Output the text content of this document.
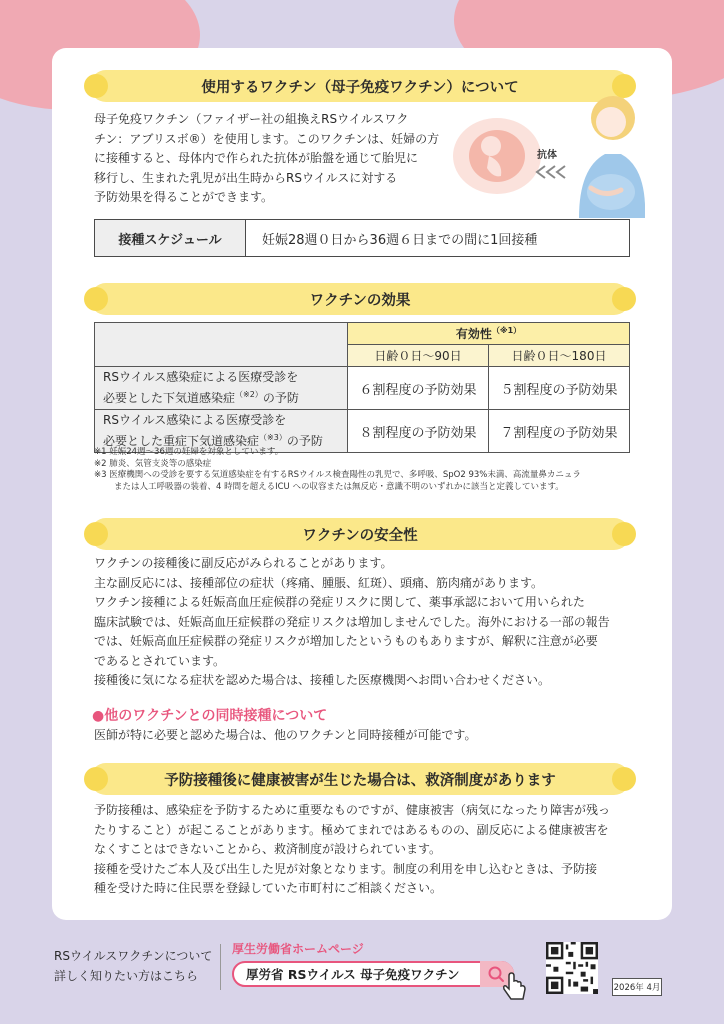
使用するワクチン（母子免疫ワクチン）について
母子免疫ワクチン（ファイザー社の組換えRSウイルスワク
チン：アブリスボ®）を使用します。このワクチンは、妊婦の方
に接種すると、母体内で作られた抗体が胎盤を通じて胎児に
移行し、生まれた乳児が出生時からRSウイルスに対する
予防効果を得ることができます。
抗体
接種スケジュール	妊娠28週０日から36週６日までの間に1回接種
ワクチンの効果
	有効性$^{(※1)}$
	日齢０日〜90日	日齢０日〜180日

RSウイルス感染症による医療受診を
必要とした下気道感染症$^{(※2)}$の予防	６割程度の予防効果	５割程度の予防効果

RSウイルス感染による医療受診を
必要とした重症下気道感染症$^{(※3)}$の予防	８割程度の予防効果	７割程度の予防効果
※1 妊娠24週〜36週の妊婦を対象としています。
※2 肺炎、気管支炎等の感染症
※3 医療機関への受診を要する気道感染症を有するRSウイルス検査陽性の乳児で、多呼吸、SpO2 93%未満、高流量鼻カニュラ
または人工呼吸器の装着、4 時間を超えるICU への収容または無反応・意識不明のいずれかに該当と定義しています。
ワクチンの安全性
ワクチンの接種後に副反応がみられることがあります。
主な副反応には、接種部位の症状（疼痛、腫脹、紅斑）、頭痛、筋肉痛があります。
ワクチン接種による妊娠高血圧症候群の発症リスクに関して、薬事承認において用いられた
臨床試験では、妊娠高血圧症候群の発症リスクは増加しませんでした。海外における一部の報告
では、妊娠高血圧症候群の発症リスクが増加したというものもありますが、解釈に注意が必要
であるとされています。
接種後に気になる症状を認めた場合は、接種した医療機関へお問い合わせください。
●他のワクチンとの同時接種について
医師が特に必要と認めた場合は、他のワクチンと同時接種が可能です。
予防接種後に健康被害が生じた場合は、救済制度があります
予防接種は、感染症を予防するために重要なものですが、健康被害（病気になったり障害が残っ
たりすること）が起こることがあります。極めてまれではあるものの、副反応による健康被害を
なくすことはできないことから、救済制度が設けられています。
接種を受けたご本人及び出生した児が対象となります。制度の利用を申し込むときは、予防接
種を受けた時に住民票を登録していた市町村にご相談ください。
RSウイルスワクチンについて
詳しく知りたい方はこちら
厚生労働省ホームページ
厚労省 RSウイルス 母子免疫ワクチン
2026年 4月
